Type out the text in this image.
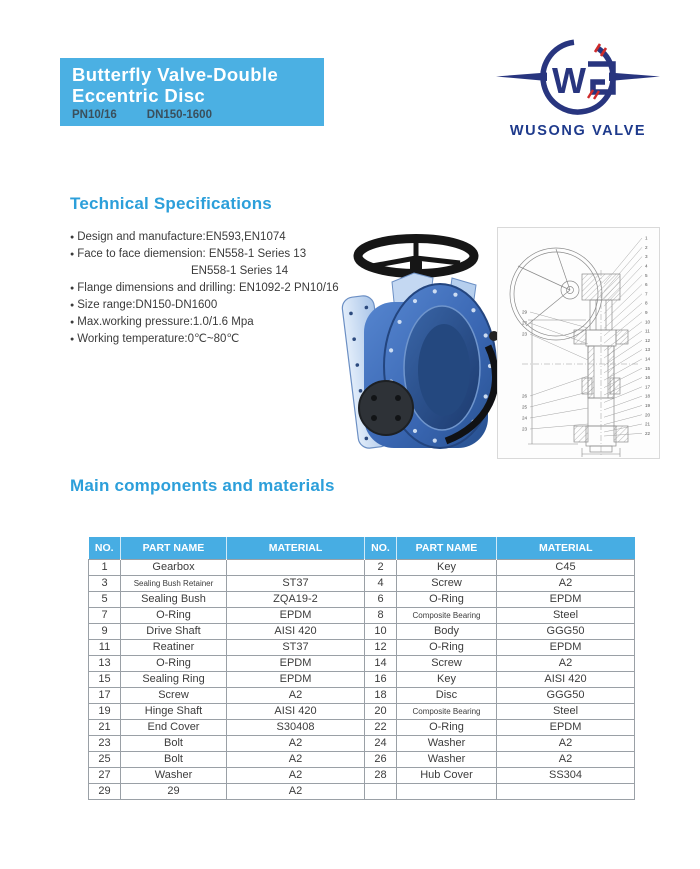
Butterfly Valve-Double
Eccentric Disc
PN10/16	DN150-1600
W
WUSONG VALVE
Technical Specifications
● Design and manufacture:EN593,EN1074
● Face to face diemension: EN558-1 Series 13
EN558-1 Series 14
● Flange dimensions and drilling: EN1092-2 PN10/16
● Size range:DN150-DN1600
● Max.working pressure:1.0/1.6 Mpa
● Working temperature:0℃~80℃
1
2
3
4
5
6
7
8
9
10
11
12
13
14
15
16
17
18
19
20
21
22
29
27
23
26
25
24
23
Main components and materials
NO.	PART NAME	MATERIAL	NO.	PART NAME	MATERIAL
1	Gearbox		2	Key	C45
3	Sealing Bush Retainer	ST37	4	Screw	A2
5	Sealing Bush	ZQA19-2	6	O-Ring	EPDM
7	O-Ring	EPDM	8	Composite Bearing	Steel
9	Drive Shaft	AISI 420	10	Body	GGG50
11	Reatiner	ST37	12	O-Ring	EPDM
13	O-Ring	EPDM	14	Screw	A2
15	Sealing Ring	EPDM	16	Key	AISI 420
17	Screw	A2	18	Disc	GGG50
19	Hinge Shaft	AISI 420	20	Composite Bearing	Steel
21	End Cover	S30408	22	O-Ring	EPDM
23	Bolt	A2	24	Washer	A2
25	Bolt	A2	26	Washer	A2
27	Washer	A2	28	Hub Cover	SS304
29	29	A2			
